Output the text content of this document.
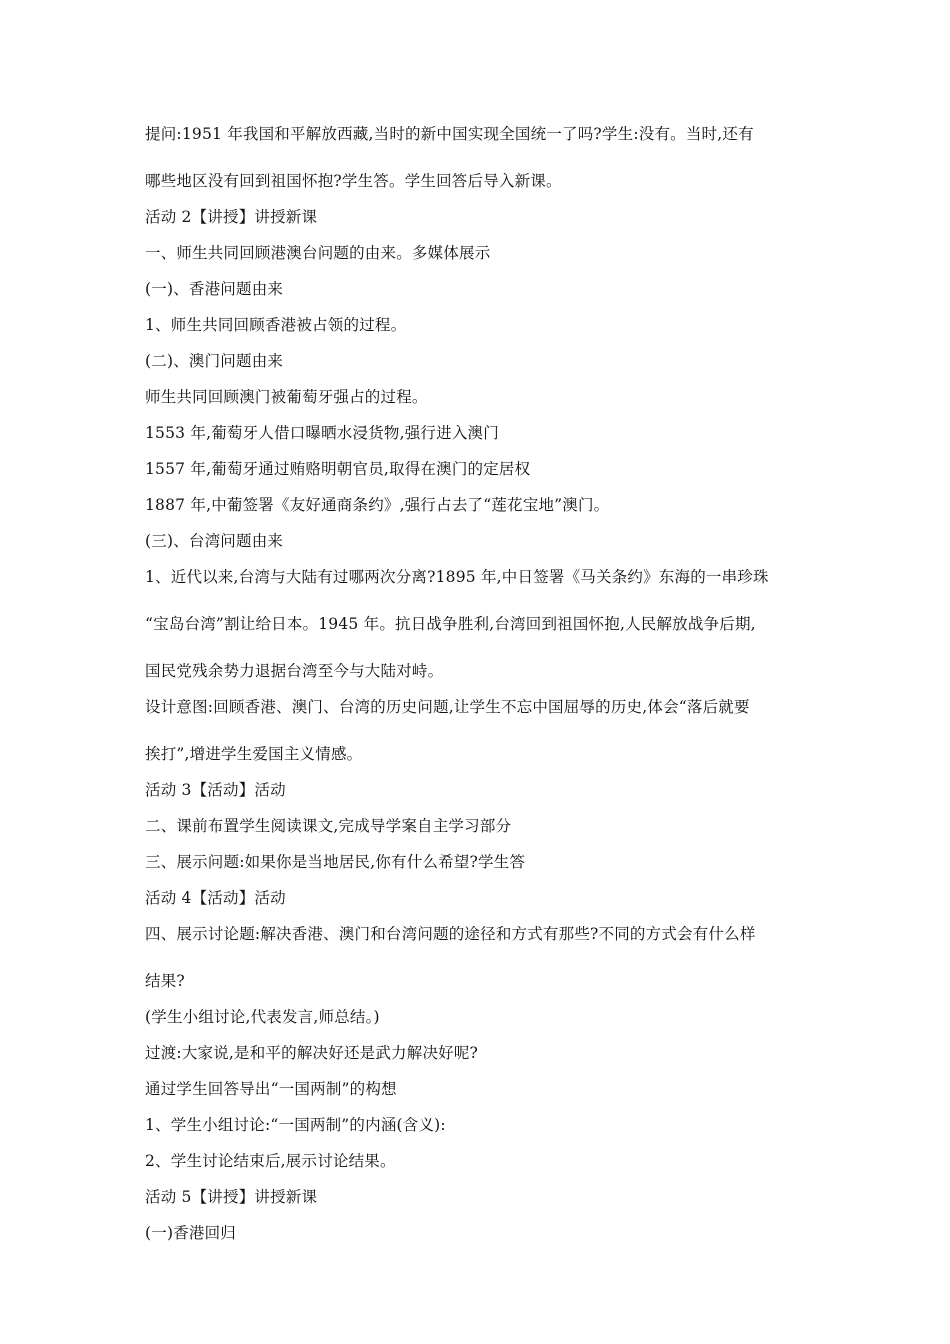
提问:1951 年我国和平解放西藏,当时的新中国实现全国统一了吗?学生:没有。当时,还有
哪些地区没有回到祖国怀抱?学生答。学生回答后导入新课。
活动 2【讲授】讲授新课
一、师生共同回顾港澳台问题的由来。多媒体展示
(一)、香港问题由来
1、师生共同回顾香港被占领的过程。
(二)、澳门问题由来
师生共同回顾澳门被葡萄牙强占的过程。
1553 年,葡萄牙人借口曝晒水浸货物,强行进入澳门
1557 年,葡萄牙通过贿赂明朝官员,取得在澳门的定居权
1887 年,中葡签署《友好通商条约》,强行占去了“莲花宝地”澳门。
(三)、台湾问题由来
1、近代以来,台湾与大陆有过哪两次分离?1895 年,中日签署《马关条约》东海的一串珍珠
“宝岛台湾”割让给日本。1945 年。抗日战争胜利,台湾回到祖国怀抱,人民解放战争后期,
国民党残余势力退据台湾至今与大陆对峙。
设计意图:回顾香港、澳门、台湾的历史问题,让学生不忘中国屈辱的历史,体会“落后就要
挨打”,增进学生爱国主义情感。
活动 3【活动】活动
二、课前布置学生阅读课文,完成导学案自主学习部分
三、展示问题:如果你是当地居民,你有什么希望?学生答
活动 4【活动】活动
四、展示讨论题:解决香港、澳门和台湾问题的途径和方式有那些?不同的方式会有什么样
结果?
(学生小组讨论,代表发言,师总结。)
过渡:大家说,是和平的解决好还是武力解决好呢?
通过学生回答导出“一国两制”的构想
1、学生小组讨论:“一国两制”的内涵(含义):
2、学生讨论结束后,展示讨论结果。
活动 5【讲授】讲授新课
(一)香港回归
